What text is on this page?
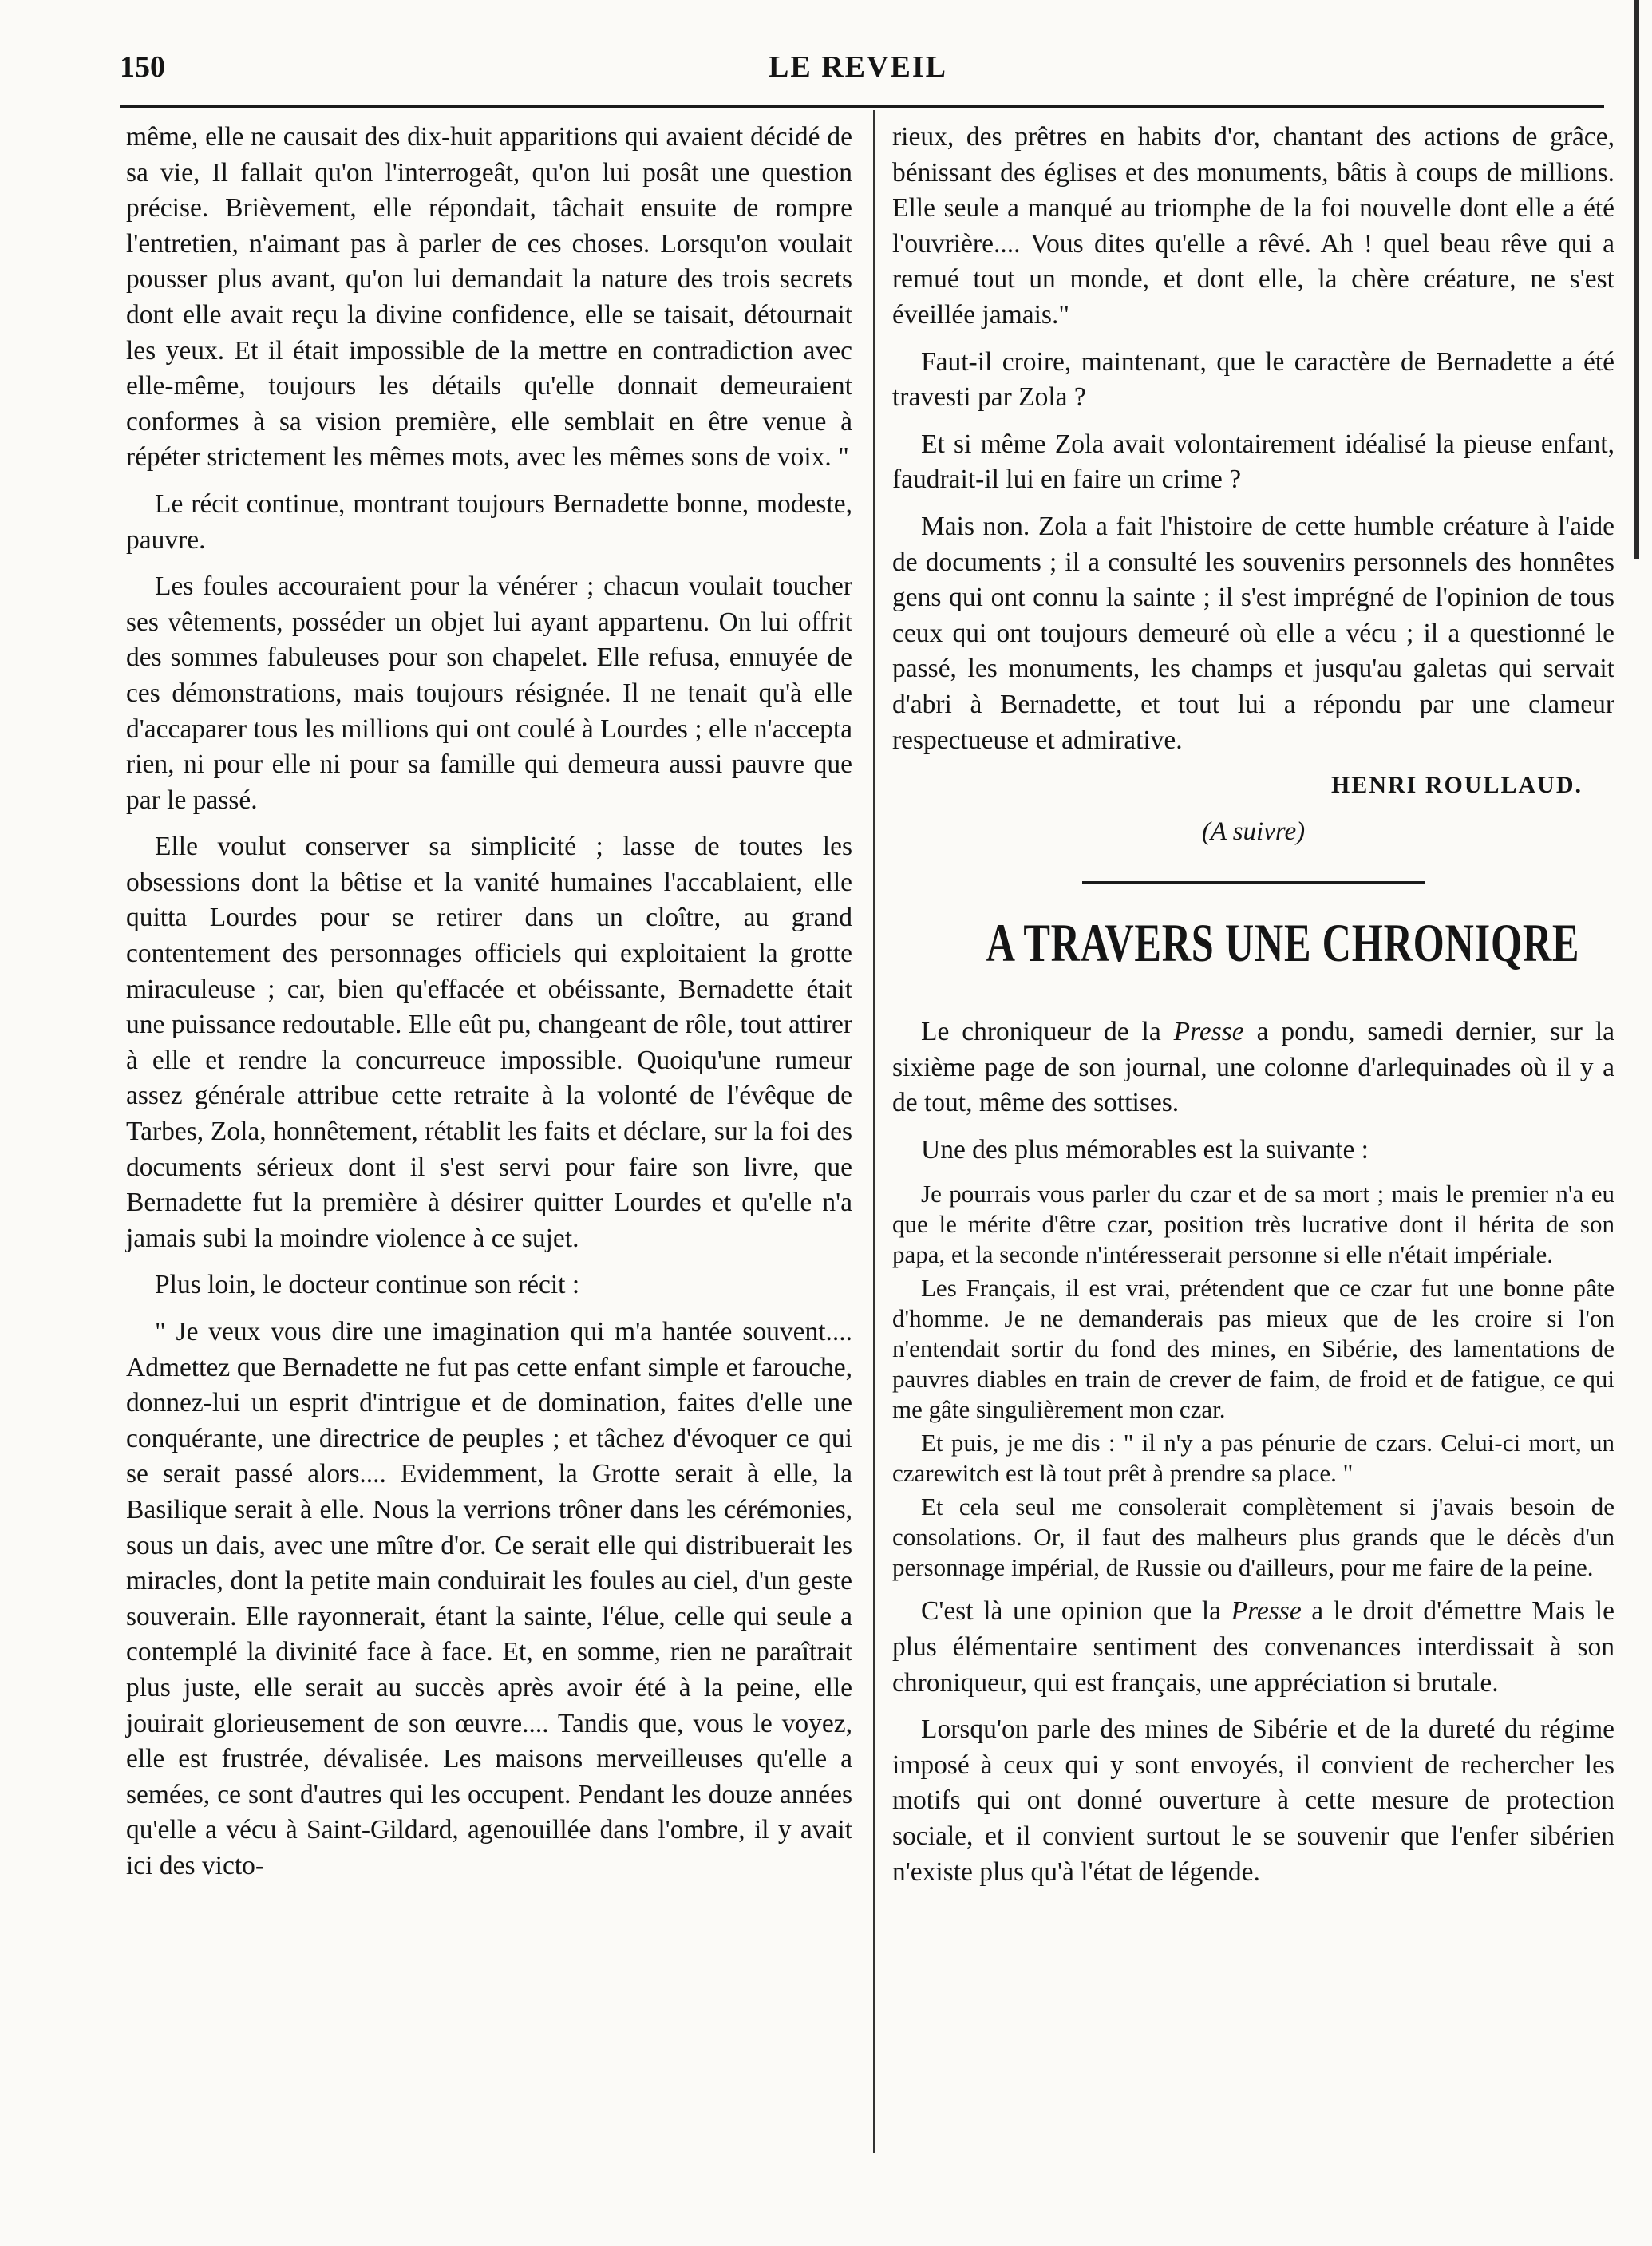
150	LE REVEIL

même, elle ne causait des dix-huit apparitions qui avaient décidé de sa vie, Il fallait qu'on l'interrogeât, qu'on lui posât une question précise. Brièvement, elle répondait, tâchait ensuite de rompre l'entretien, n'aimant pas à parler de ces choses. Lorsqu'on voulait pousser plus avant, qu'on lui demandait la nature des trois secrets dont elle avait reçu la divine confidence, elle se taisait, détournait les yeux. Et il était impossible de la mettre en contradiction avec elle-même, toujours les détails qu'elle donnait demeuraient conformes à sa vision première, elle semblait en être venue à répéter strictement les mêmes mots, avec les mêmes sons de voix. "

Le récit continue, montrant toujours Bernadette bonne, modeste, pauvre.

Les foules accouraient pour la vénérer ; chacun voulait toucher ses vêtements, posséder un objet lui ayant appartenu. On lui offrit des sommes fabuleuses pour son chapelet. Elle refusa, ennuyée de ces démonstrations, mais toujours résignée. Il ne tenait qu'à elle d'accaparer tous les millions qui ont coulé à Lourdes ; elle n'accepta rien, ni pour elle ni pour sa famille qui demeura aussi pauvre que par le passé.

Elle voulut conserver sa simplicité ; lasse de toutes les obsessions dont la bêtise et la vanité humaines l'accablaient, elle quitta Lourdes pour se retirer dans un cloître, au grand contentement des personnages officiels qui exploitaient la grotte miraculeuse ; car, bien qu'effacée et obéissante, Bernadette était une puissance redoutable. Elle eût pu, changeant de rôle, tout attirer à elle et rendre la concurreuce impossible. Quoiqu'une rumeur assez générale attribue cette retraite à la volonté de l'évêque de Tarbes, Zola, honnêtement, rétablit les faits et déclare, sur la foi des documents sérieux dont il s'est servi pour faire son livre, que Bernadette fut la première à désirer quitter Lourdes et qu'elle n'a jamais subi la moindre violence à ce sujet.

Plus loin, le docteur continue son récit :

" Je veux vous dire une imagination qui m'a hantée souvent.... Admettez que Bernadette ne fut pas cette enfant simple et farouche, donnez-lui un esprit d'intrigue et de domination, faites d'elle une conquérante, une directrice de peuples ; et tâchez d'évoquer ce qui se serait passé alors.... Evidemment, la Grotte serait à elle, la Basilique serait à elle. Nous la verrions trôner dans les cérémonies, sous un dais, avec une mître d'or. Ce serait elle qui distribuerait les miracles, dont la petite main conduirait les foules au ciel, d'un geste souverain. Elle rayonnerait, étant la sainte, l'élue, celle qui seule a contemplé la divinité face à face. Et, en somme, rien ne paraîtrait plus juste, elle serait au succès après avoir été à la peine, elle jouirait glorieusement de son œuvre.... Tandis que, vous le voyez, elle est frustrée, dévalisée. Les maisons merveilleuses qu'elle a semées, ce sont d'autres qui les occupent. Pendant les douze années qu'elle a vécu à Saint-Gildard, agenouillée dans l'ombre, il y avait ici des victo-

rieux, des prêtres en habits d'or, chantant des actions de grâce, bénissant des églises et des monuments, bâtis à coups de millions. Elle seule a manqué au triomphe de la foi nouvelle dont elle a été l'ouvrière.... Vous dites qu'elle a rêvé. Ah ! quel beau rêve qui a remué tout un monde, et dont elle, la chère créature, ne s'est éveillée jamais."

Faut-il croire, maintenant, que le caractère de Bernadette a été travesti par Zola ?

Et si même Zola avait volontairement idéalisé la pieuse enfant, faudrait-il lui en faire un crime ?

Mais non. Zola a fait l'histoire de cette humble créature à l'aide de documents ; il a consulté les souvenirs personnels des honnêtes gens qui ont connu la sainte ; il s'est imprégné de l'opinion de tous ceux qui ont toujours demeuré où elle a vécu ; il a questionné le passé, les monuments, les champs et jusqu'au galetas qui servait d'abri à Bernadette, et tout lui a répondu par une clameur respectueuse et admirative.

HENRI ROULLAUD.
(A suivre)
A TRAVERS UNE CHRONIQRE

Le chroniqueur de la Presse a pondu, samedi dernier, sur la sixième page de son journal, une colonne d'arlequinades où il y a de tout, même des sottises.

Une des plus mémorables est la suivante :

Je pourrais vous parler du czar et de sa mort ; mais le premier n'a eu que le mérite d'être czar, position très lucrative dont il hérita de son papa, et la seconde n'intéresserait personne si elle n'était impériale.

Les Français, il est vrai, prétendent que ce czar fut une bonne pâte d'homme. Je ne demanderais pas mieux que de les croire si l'on n'entendait sortir du fond des mines, en Sibérie, des lamentations de pauvres diables en train de crever de faim, de froid et de fatigue, ce qui me gâte singulièrement mon czar.

Et puis, je me dis : " il n'y a pas pénurie de czars. Celui-ci mort, un czarewitch est là tout prêt à prendre sa place. "

Et cela seul me consolerait complètement si j'avais besoin de consolations. Or, il faut des malheurs plus grands que le décès d'un personnage impérial, de Russie ou d'ailleurs, pour me faire de la peine.

C'est là une opinion que la Presse a le droit d'émettre Mais le plus élémentaire sentiment des convenances interdissait à son chroniqueur, qui est français, une appréciation si brutale.

Lorsqu'on parle des mines de Sibérie et de la dureté du régime imposé à ceux qui y sont envoyés, il convient de rechercher les motifs qui ont donné ouverture à cette mesure de protection sociale, et il convient surtout le se souvenir que l'enfer sibérien n'existe plus qu'à l'état de légende.
